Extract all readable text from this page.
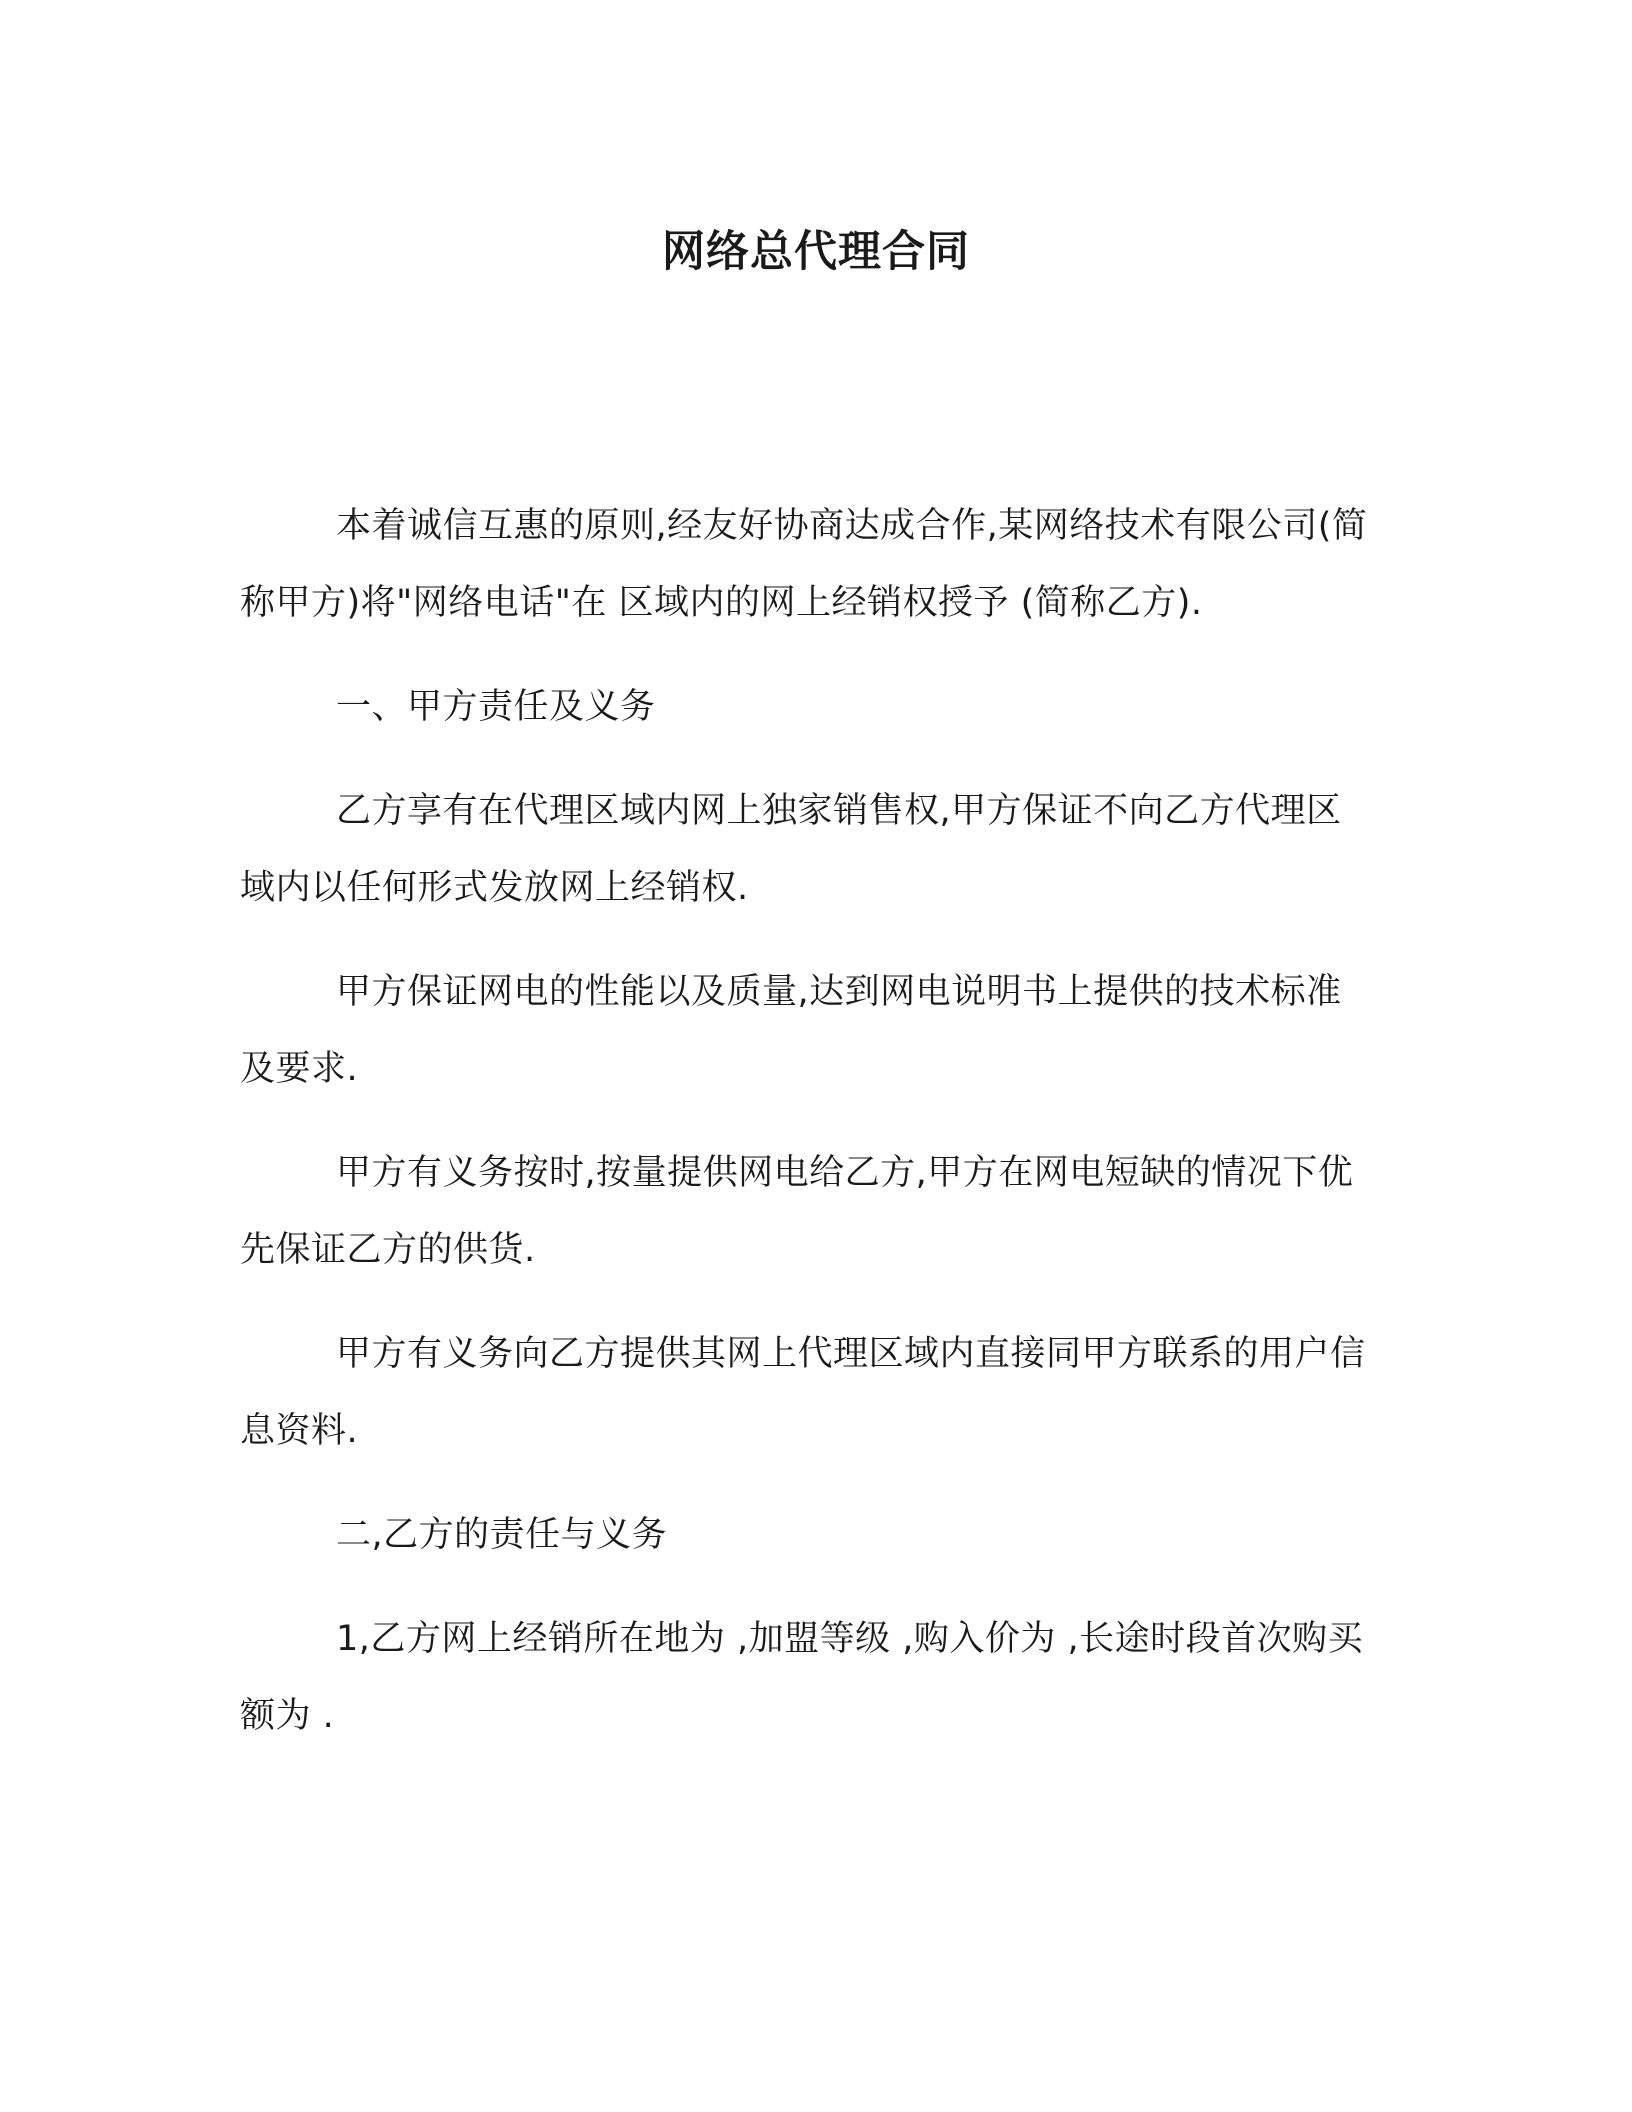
网络总代理合同

本着诚信互惠的原则,经友好协商达成合作,某网络技术有限公司(简称甲方)将"网络电话"在 区域内的网上经销权授予 (简称乙方).

一、甲方责任及义务

乙方享有在代理区域内网上独家销售权,甲方保证不向乙方代理区域内以任何形式发放网上经销权.

甲方保证网电的性能以及质量,达到网电说明书上提供的技术标准及要求.

甲方有义务按时,按量提供网电给乙方,甲方在网电短缺的情况下优先保证乙方的供货.

甲方有义务向乙方提供其网上代理区域内直接同甲方联系的用户信息资料.

二,乙方的责任与义务

1,乙方网上经销所在地为 ,加盟等级 ,购入价为 ,长途时段首次购买额为 .
